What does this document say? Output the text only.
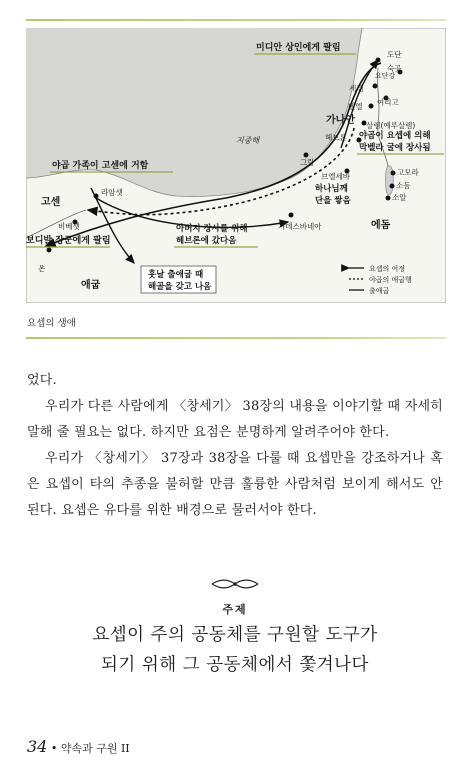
도단
세겜
벧엘
살렘(예루살렘)
여리고
헤브론
숙곳
요단강
그랄
브엘세바
가데스바네아
라암셋
비베셋
온
고모라
소돔
소알
지중해
미디안 상인에게 팔림
야곱 가족이 고센에 거함
고센
보디발 장군에게 팔림
애굽
가나안
에돔
아버지 장사를 위해
헤브론에 갔다옴
훗날 출애굽 때
해골을 갖고 나옴
야곱이 요셉에 의해
막벨라 굴에 장사됨
하나님께
단을 쌓음
요셉의 여정
야곱의 애굽행
출애굽
요셉의 생애
었다.
우리가 다른 사람에게 〈창세기〉 38장의 내용을 이야기할 때 자세히 말해 줄 필요는 없다. 하지만 요점은 분명하게 알려주어야 한다.
우리가 〈창세기〉 37장과 38장을 다룰 때 요셉만을 강조하거나 혹은 요셉이 타의 추종을 불허할 만큼 훌륭한 사람처럼 보이게 해서도 안 된다. 요셉은 유다를 위한 배경으로 물러서야 한다.
주제
요셉이 주의 공동체를 구원할 도구가
되기 위해 그 공동체에서 쫓겨나다
34 • 약속과 구원 II
